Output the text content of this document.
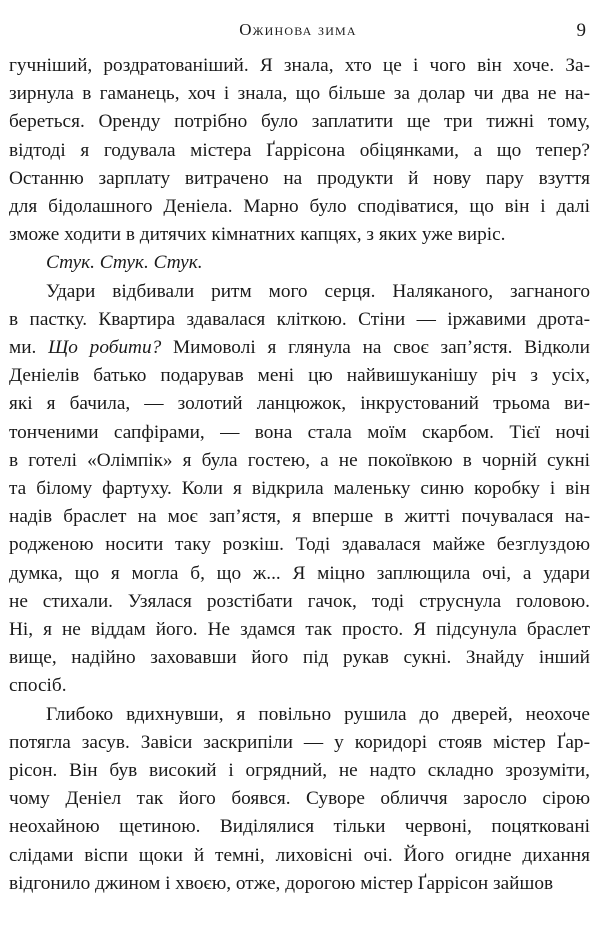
Ожинова зима	9
гучніший, роздратованіший. Я знала, хто це і чого він хоче. За-
зирнула в гаманець, хоч і знала, що більше за долар чи два не на-
береться. Оренду потрібно було заплатити ще три тижні тому,
відтоді я годувала містера Ґаррісона обіцянками, а що тепер?
Останню зарплату витрачено на продукти й нову пару взуття
для бідолашного Деніела. Марно було сподіватися, що він і далі
зможе ходити в дитячих кімнатних капцях, з яких уже виріс.
Стук. Стук. Стук.
Удари відбивали ритм мого серця. Наляканого, загнаного
в пастку. Квартира здавалася кліткою. Стіни — іржавими дрота-
ми. Що робити? Мимоволі я глянула на своє зап’ястя. Відколи
Деніелів батько подарував мені цю найвишуканішу річ з усіх,
які я бачила, — золотий ланцюжок, інкрустований трьома ви-
тонченими сапфірами, — вона стала моїм скарбом. Тієї ночі
в готелі «Олімпік» я була гостею, а не покоївкою в чорній сукні
та білому фартуху. Коли я відкрила маленьку синю коробку і він
надів браслет на моє зап’ястя, я вперше в житті почувалася на-
родженою носити таку розкіш. Тоді здавалася майже безглуздою
думка, що я могла б, що ж... Я міцно заплющила очі, а удари
не стихали. Узялася розстібати гачок, тоді струснула головою.
Ні, я не віддам його. Не здамся так просто. Я підсунула браслет
вище, надійно заховавши його під рукав сукні. Знайду інший
спосіб.
Глибоко вдихнувши, я повільно рушила до дверей, неохоче
потягла засув. Завіси заскрипіли — у коридорі стояв містер Ґар-
рісон. Він був високий і огрядний, не надто складно зрозуміти,
чому Деніел так його боявся. Суворе обличчя заросло сірою
неохайною щетиною. Виділялися тільки червоні, поцятковані
слідами віспи щоки й темні, лиховісні очі. Його огидне дихання
відгонило джином і хвоєю, отже, дорогою містер Ґаррісон зайшов
